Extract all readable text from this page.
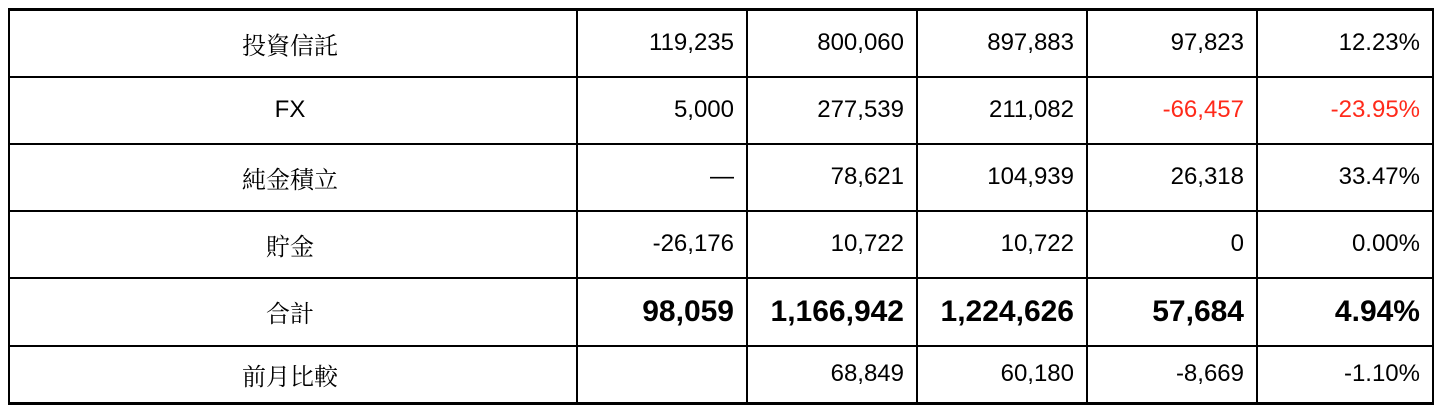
投資信託	119,235	800,060	897,883	97,823	12.23%
FX	5,000	277,539	211,082	-66,457	-23.95%
純金積立	—	78,621	104,939	26,318	33.47%
貯金	-26,176	10,722	10,722	0	0.00%
合計	98,059	1,166,942	1,224,626	57,684	4.94%
前月比較		68,849	60,180	-8,669	-1.10%
